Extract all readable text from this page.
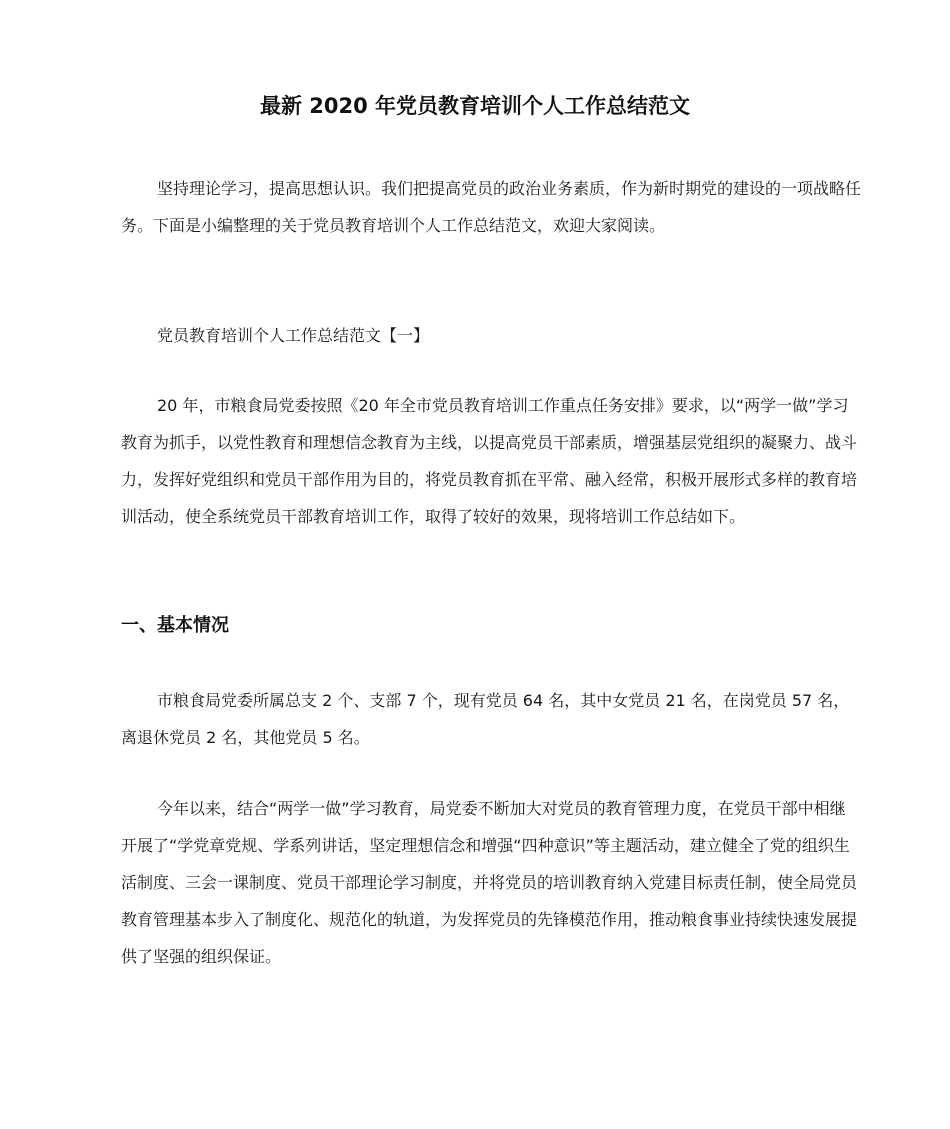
最新 2020 年党员教育培训个人工作总结范文

坚持理论学习，提高思想认识。我们把提高党员的政治业务素质，作为新时期党的建设的一项战略任务。下面是小编整理的关于党员教育培训个人工作总结范文，欢迎大家阅读。

党员教育培训个人工作总结范文【一】

20 年，市粮食局党委按照《20 年全市党员教育培训工作重点任务安排》要求，以“两学一做”学习教育为抓手，以党性教育和理想信念教育为主线，以提高党员干部素质，增强基层党组织的凝聚力、战斗力，发挥好党组织和党员干部作用为目的，将党员教育抓在平常、融入经常，积极开展形式多样的教育培训活动，使全系统党员干部教育培训工作，取得了较好的效果，现将培训工作总结如下。

一、基本情况

市粮食局党委所属总支 2 个、支部 7 个，现有党员 64 名，其中女党员 21 名，在岗党员 57 名，离退休党员 2 名，其他党员 5 名。

今年以来，结合“两学一做”学习教育，局党委不断加大对党员的教育管理力度，在党员干部中相继开展了“学党章党规、学系列讲话，坚定理想信念和增强“四种意识”等主题活动，建立健全了党的组织生活制度、三会一课制度、党员干部理论学习制度，并将党员的培训教育纳入党建目标责任制，使全局党员教育管理基本步入了制度化、规范化的轨道，为发挥党员的先锋模范作用，推动粮食事业持续快速发展提供了坚强的组织保证。
